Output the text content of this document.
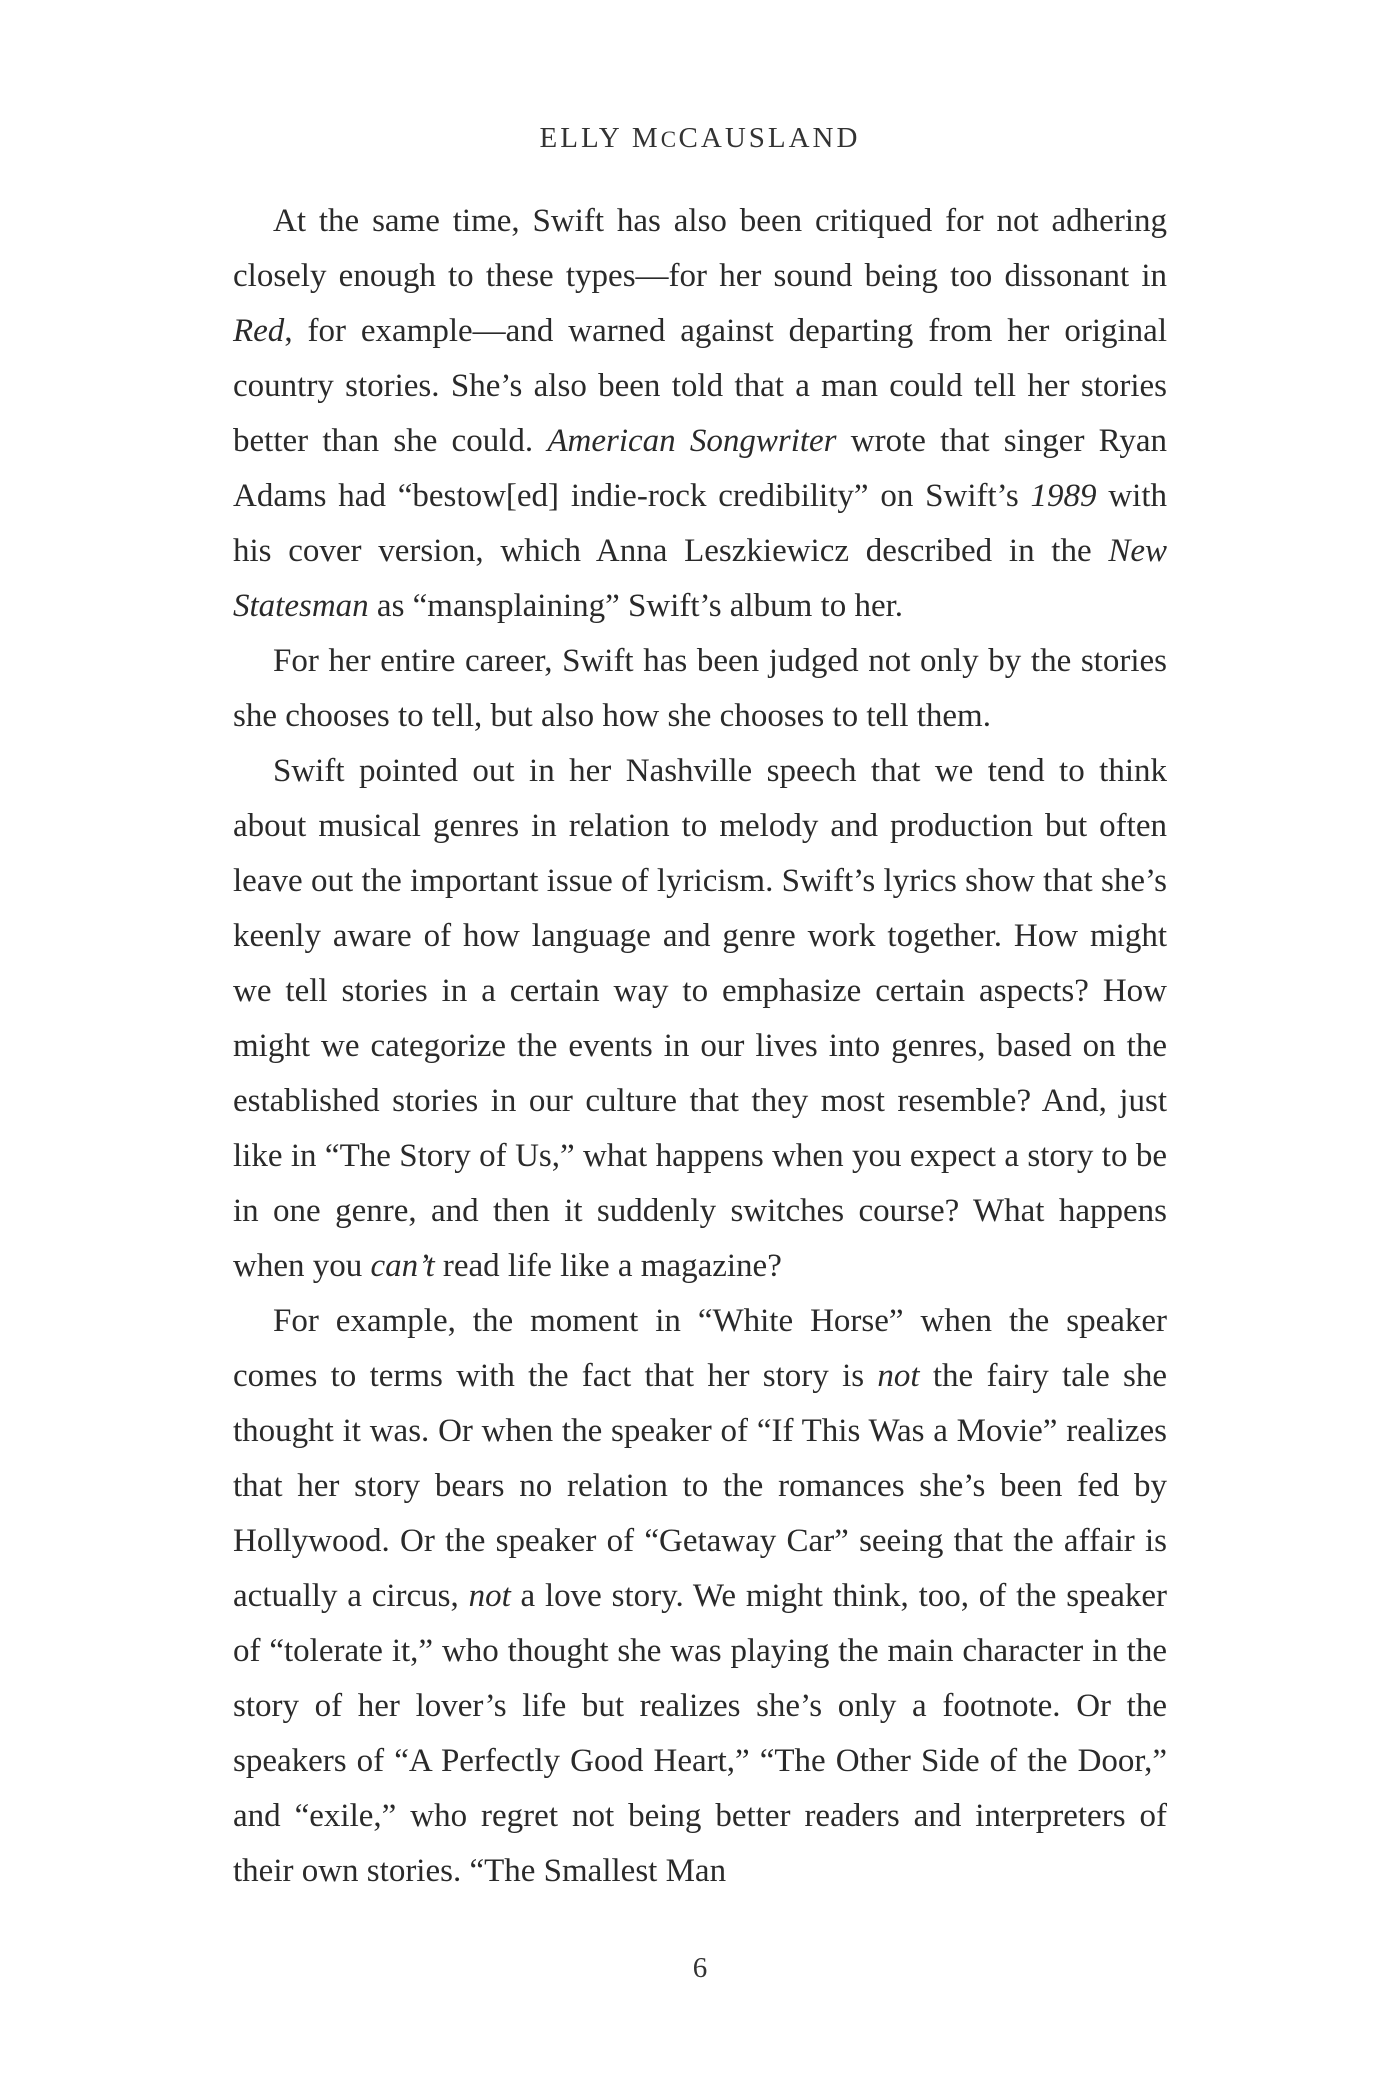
ELLY MCCAUSLAND

At the same time, Swift has also been critiqued for not adhering closely enough to these types—for her sound being too dissonant in Red, for example—and warned against departing from her original country stories. She’s also been told that a man could tell her stories better than she could. American Songwriter wrote that singer Ryan Adams had “bestow[ed] indie-rock credibility” on Swift’s 1989 with his cover version, which Anna Leszkiewicz described in the New Statesman as “mansplaining” Swift’s album to her.

For her entire career, Swift has been judged not only by the stories she chooses to tell, but also how she chooses to tell them.

Swift pointed out in her Nashville speech that we tend to think about musical genres in relation to melody and production but often leave out the important issue of lyricism. Swift’s lyrics show that she’s keenly aware of how language and genre work together. How might we tell stories in a certain way to emphasize certain aspects? How might we categorize the events in our lives into genres, based on the established stories in our culture that they most resemble? And, just like in “The Story of Us,” what happens when you expect a story to be in one genre, and then it suddenly switches course? What happens when you can’t read life like a magazine?

For example, the moment in “White Horse” when the speaker comes to terms with the fact that her story is not the fairy tale she thought it was. Or when the speaker of “If This Was a Movie” realizes that her story bears no relation to the romances she’s been fed by Hollywood. Or the speaker of “Getaway Car” seeing that the affair is actually a circus, not a love story. We might think, too, of the speaker of “tolerate it,” who thought she was playing the main character in the story of her lover’s life but realizes she’s only a footnote. Or the speakers of “A Perfectly Good Heart,” “The Other Side of the Door,” and “exile,” who regret not being better readers and interpreters of their own stories. “The Smallest Man

6
